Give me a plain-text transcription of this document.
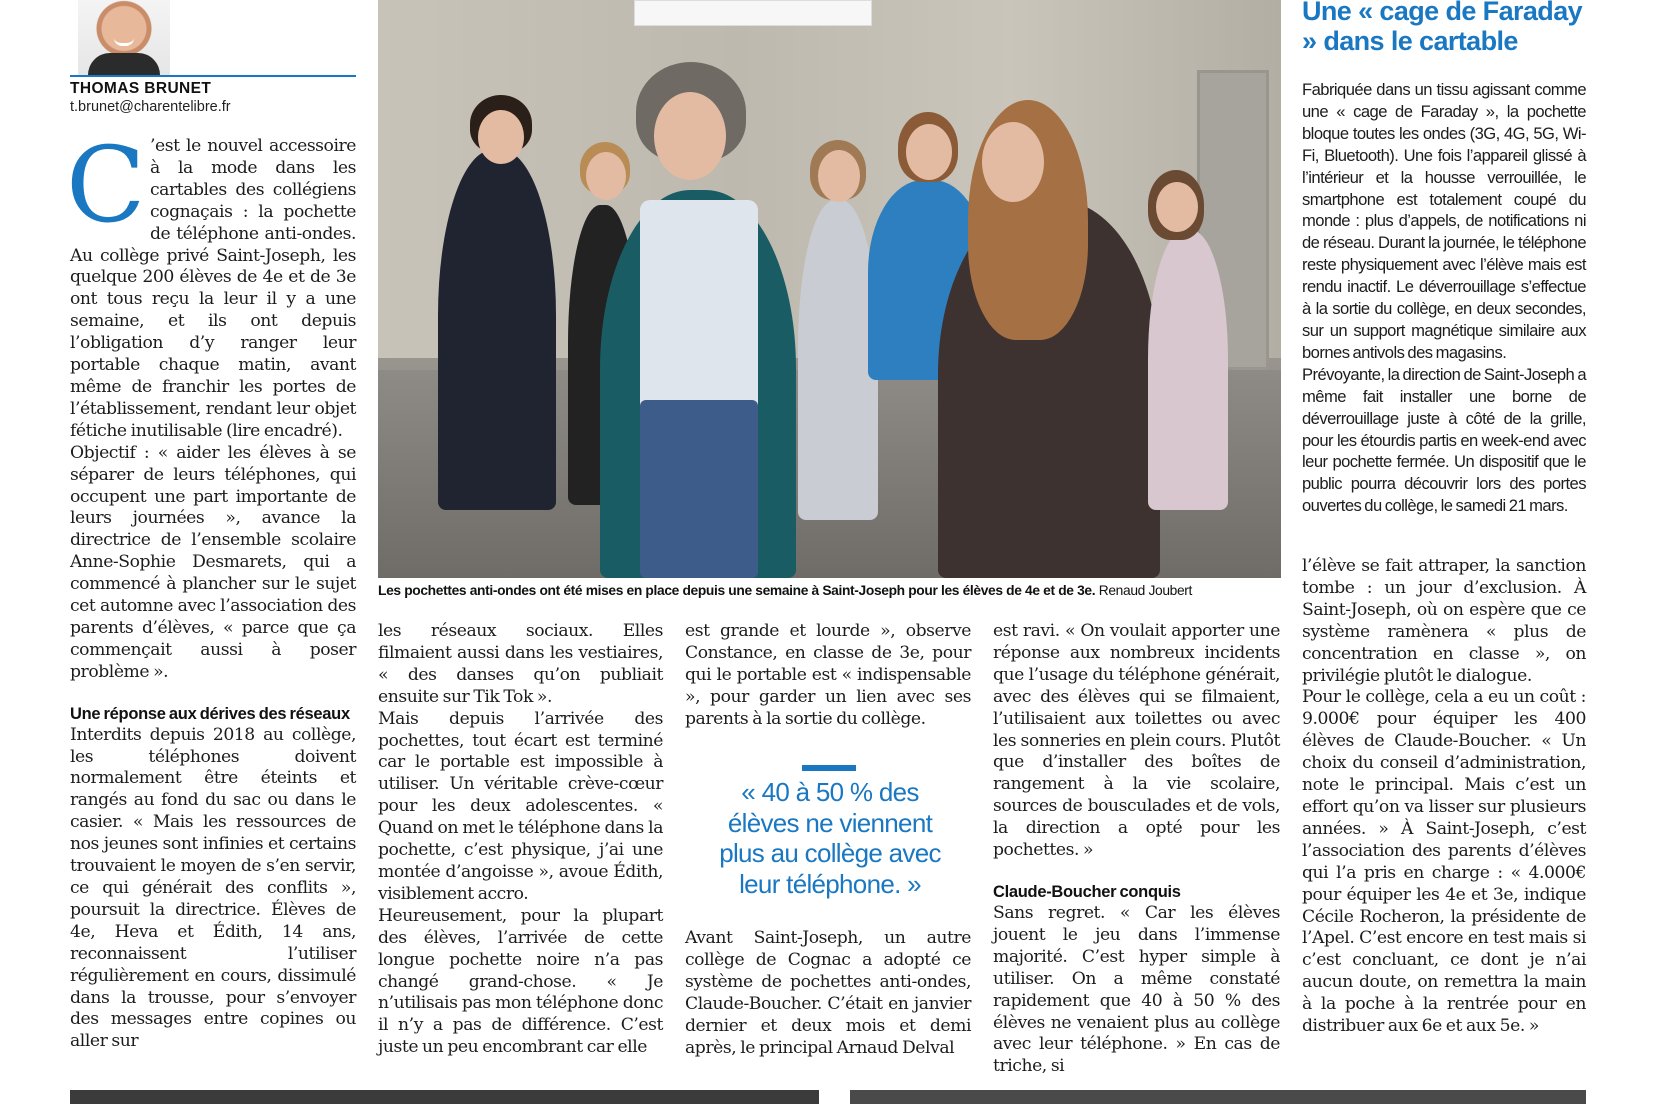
THOMAS BRUNET
t.brunet@charentelibre.fr
C ’est le nouvel accessoire à la mode dans les cartables des collégiens cognaçais : la pochette de téléphone anti-ondes. Au collège privé Saint-Joseph, les quelque 200 élèves de 4e et de 3e ont tous reçu la leur il y a une semaine, et ils ont depuis l’obligation d’y ranger leur portable chaque matin, avant même de franchir les portes de l’établissement, rendant leur objet fétiche inutilisable (lire encadré).

Objectif : « aider les élèves à se séparer de leurs téléphones, qui occupent une part importante de leurs journées », avance la directrice de l’ensemble scolaire Anne-Sophie Desmarets, qui a commencé à plancher sur le sujet cet automne avec l’association des parents d’élèves, « parce que ça commençait aussi à poser problème ».

Une réponse aux dérives des réseaux

Interdits depuis 2018 au collège, les téléphones doivent normalement être éteints et rangés au fond du sac ou dans le casier. « Mais les ressources de nos jeunes sont infinies et certains trouvaient le moyen de s’en servir, ce qui générait des conflits », poursuit la directrice. Élèves de 4e, Heva et Édith, 14 ans, reconnaissent l’utiliser régulièrement en cours, dissimulé dans la trousse, pour s’envoyer des messages entre copines ou aller sur

Les pochettes anti-ondes ont été mises en place depuis une semaine à Saint-Joseph pour les élèves de 4e et de 3e. Renaud Joubert

les réseaux sociaux. Elles filmaient aussi dans les vestiaires, « des danses qu’on publiait ensuite sur Tik Tok ».

Mais depuis l’arrivée des pochettes, tout écart est terminé car le portable est impossible à utiliser. Un véritable crève-cœur pour les deux adolescentes. « Quand on met le téléphone dans la pochette, c’est physique, j’ai une montée d’angoisse », avoue Édith, visiblement accro.

Heureusement, pour la plupart des élèves, l’arrivée de cette longue pochette noire n’a pas changé grand-chose. « Je n’utilisais pas mon téléphone donc il n’y a pas de différence. C’est juste un peu encombrant car elle

est grande et lourde », observe Constance, en classe de 3e, pour qui le portable est « indispensable », pour garder un lien avec ses parents à la sortie du collège.

« 40 à 50 % des élèves ne viennent plus au collège avec leur téléphone. »

Avant Saint-Joseph, un autre collège de Cognac a adopté ce système de pochettes anti-ondes, Claude-Boucher. C’était en janvier dernier et deux mois et demi après, le principal Arnaud Delval

est ravi. « On voulait apporter une réponse aux nombreux incidents que l’usage du téléphone générait, avec des élèves qui se filmaient, l’utilisaient aux toilettes ou avec les sonneries en plein cours. Plutôt que d’installer des boîtes de rangement à la vie scolaire, sources de bousculades et de vols, la direction a opté pour les pochettes. »

Claude-Boucher conquis

Sans regret. « Car les élèves jouent le jeu dans l’immense majorité. C’est hyper simple à utiliser. On a même constaté rapidement que 40 à 50 % des élèves ne venaient plus au collège avec leur téléphone. » En cas de triche, si

Une « cage de Faraday » dans le cartable

Fabriquée dans un tissu agissant comme une « cage de Faraday », la pochette bloque toutes les ondes (3G, 4G, 5G, Wi-Fi, Bluetooth). Une fois l’appareil glissé à l’intérieur et la housse verrouillée, le smartphone est totalement coupé du monde : plus d’appels, de notifications ni de réseau. Durant la journée, le téléphone reste physiquement avec l’élève mais est rendu inactif. Le déverrouillage s’effectue à la sortie du collège, en deux secondes, sur un support magnétique similaire aux bornes antivols des magasins.

Prévoyante, la direction de Saint-Joseph a même fait installer une borne de déverrouillage juste à côté de la grille, pour les étourdis partis en week-end avec leur pochette fermée. Un dispositif que le public pourra découvrir lors des portes ouvertes du collège, le samedi 21 mars.

l’élève se fait attraper, la sanction tombe : un jour d’exclusion. À Saint-Joseph, où on espère que ce système ramènera « plus de concentration en classe », on privilégie plutôt le dialogue.

Pour le collège, cela a eu un coût : 9.000€ pour équiper les 400 élèves de Claude-Boucher. « Un choix du conseil d’administration, note le principal. Mais c’est un effort qu’on va lisser sur plusieurs années. » À Saint-Joseph, c’est l’association des parents d’élèves qui l’a pris en charge : « 4.000€ pour équiper les 4e et 3e, indique Cécile Rocheron, la présidente de l’Apel. C’est encore en test mais si c’est concluant, ce dont je n’ai aucun doute, on remettra la main à la poche à la rentrée pour en distribuer aux 6e et aux 5e. »
